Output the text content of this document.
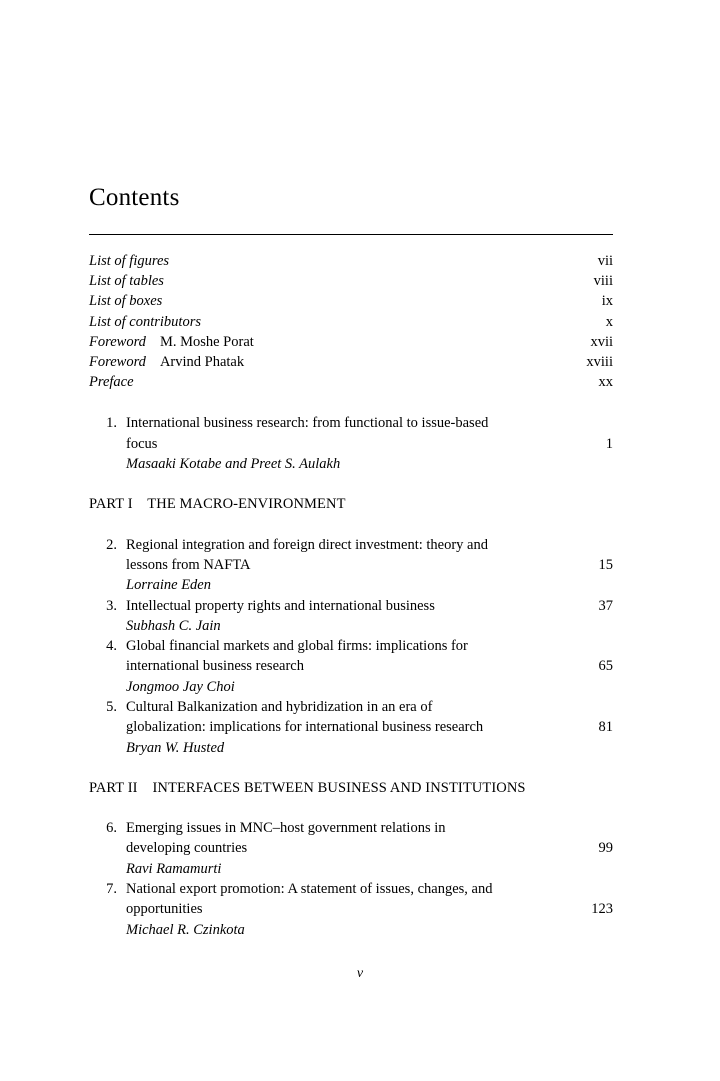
Contents
List of figures	vii
List of tables	viii
List of boxes	ix
List of contributors	x
Foreword M. Moshe Porat	xvii
Foreword Arvind Phatak	xviii
Preface	xx
1. International business research: from functional to issue-based
focus	1
Masaaki Kotabe and Preet S. Aulakh
PART I    THE MACRO-ENVIRONMENT
2. Regional integration and foreign direct investment: theory and
lessons from NAFTA	15
Lorraine Eden
3. Intellectual property rights and international business	37
Subhash C. Jain
4. Global financial markets and global firms: implications for
international business research	65
Jongmoo Jay Choi
5. Cultural Balkanization and hybridization in an era of
globalization: implications for international business research	81
Bryan W. Husted
PART II    INTERFACES BETWEEN BUSINESS AND INSTITUTIONS
6. Emerging issues in MNC–host government relations in
developing countries	99
Ravi Ramamurti
7. National export promotion: A statement of issues, changes, and
opportunities	123
Michael R. Czinkota
v
